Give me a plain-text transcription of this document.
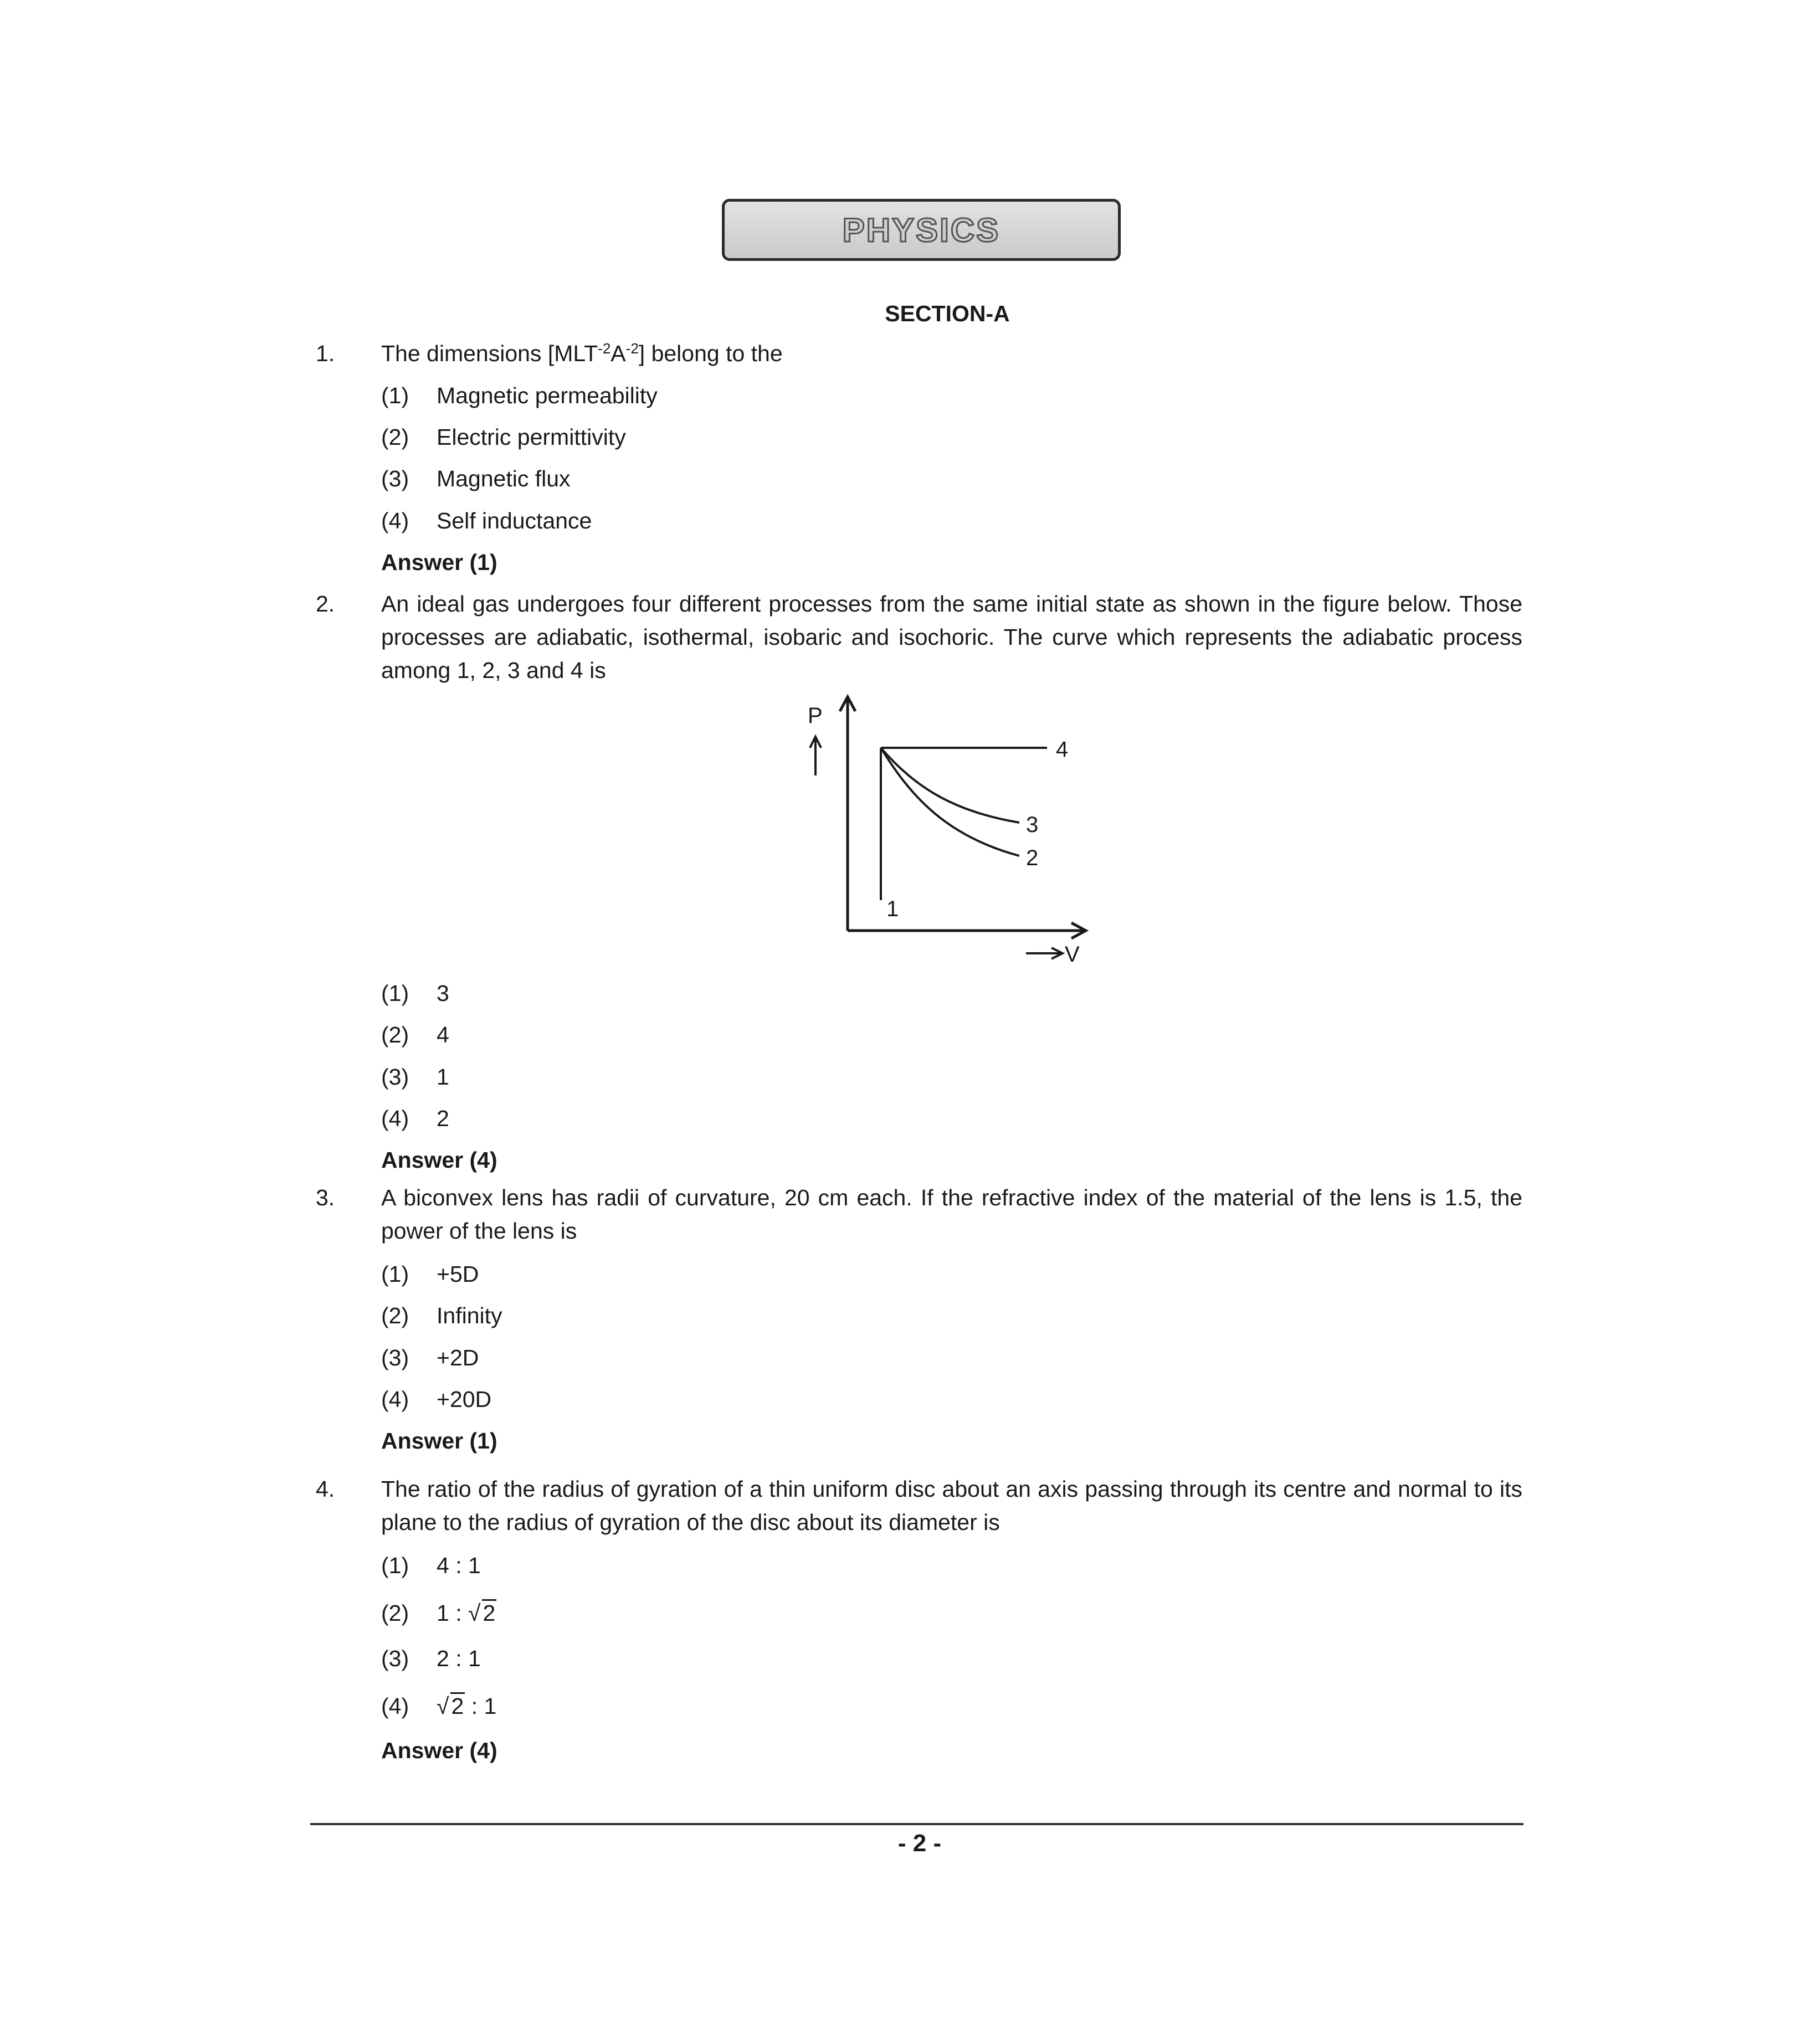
PHYSICS
SECTION-A
1.	The dimensions $[MLT^{-2}A^{-2}]$ belong to the
(1)	Magnetic permeability
(2)	Electric permittivity
(3)	Magnetic flux
(4)	Self inductance
Answer (1)
2.	An ideal gas undergoes four different processes from the same initial state as shown in the figure below. Those processes are adiabatic, isothermal, isobaric and isochoric. The curve which represents the adiabatic process among 1, 2, 3 and 4 is
P
V
1
2
3
4
(1)	3
(2)	4
(3)	1
(4)	2
Answer (4)
3.	A biconvex lens has radii of curvature, 20 cm each. If the refractive index of the material of the lens is 1.5, the power of the lens is
(1)	+5D
(2)	Infinity
(3)	+2D
(4)	+20D
Answer (1)
4.	The ratio of the radius of gyration of a thin uniform disc about an axis passing through its centre and normal to its plane to the radius of gyration of the disc about its diameter is
(1)	4 : 1
(2)	1 : √2
(3)	2 : 1
(4)	√2 : 1
Answer (4)
- 2 -
